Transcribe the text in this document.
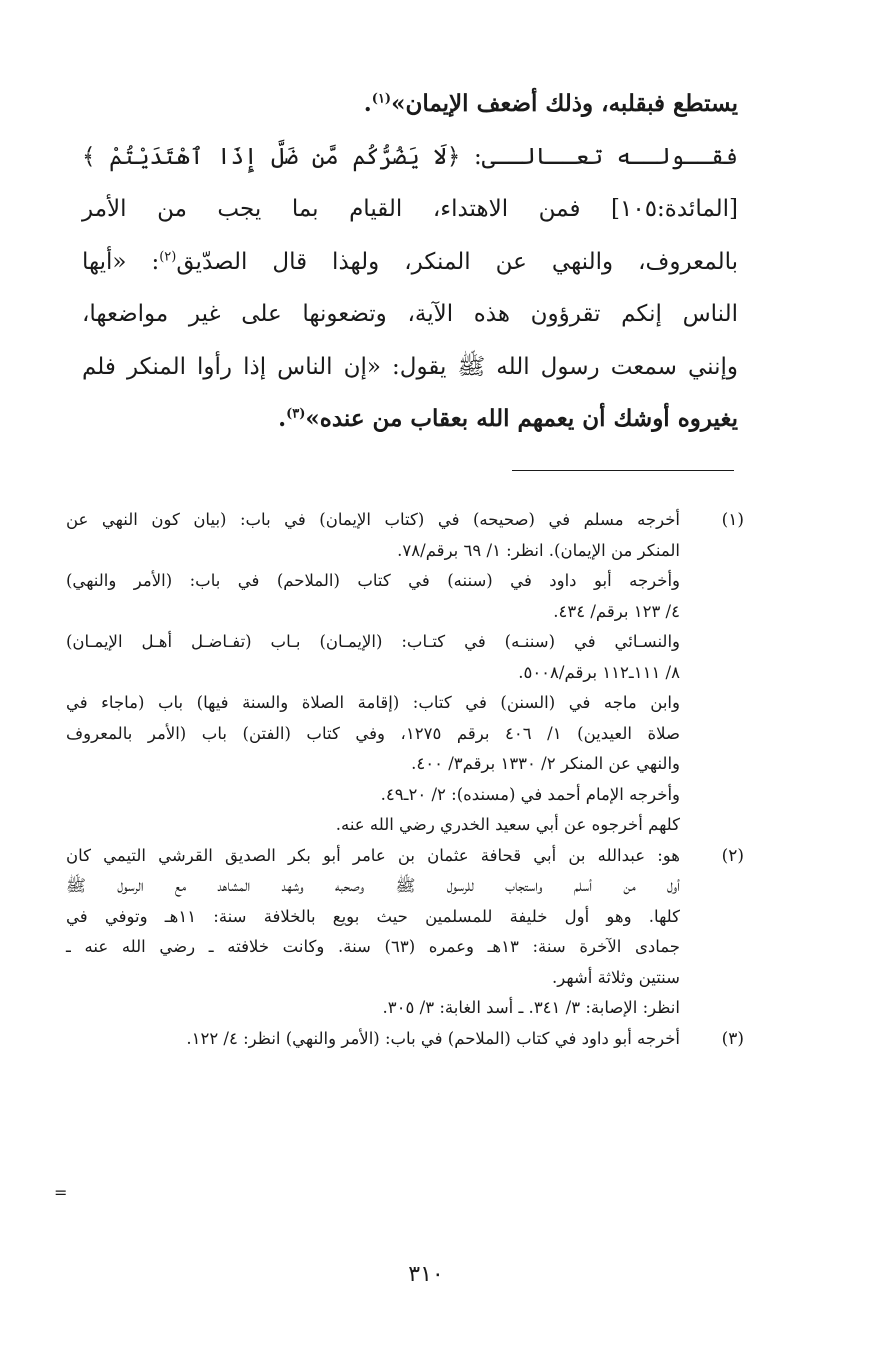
يستطع فبقلبه، وذلك أضعف الإيمان»$^{(١)}$.
فقــولــه تعــالــى: ﴿لَا يَضُرُّكُم مَّن ضَلَّ إِذَا ٱهْتَدَيْتُمْ ﴾
[المائدة:١٠٥] فمن الاهتداء، القيام بما يجب من الأمر
بالمعروف، والنهي عن المنكر، ولهذا قال الصدّيق$^{(٢)}$: «أيها
الناس إنكم تقرؤون هذه الآية، وتضعونها على غير مواضعها،
وإنني سمعت رسول الله ﷺ يقول: «إن الناس إذا رأوا المنكر فلم
يغيروه أوشك أن يعمهم الله بعقاب من عنده»$^{(٣)}$.
(١)
أخرجه مسلم في (صحيحه) في (كتاب الإيمان) في باب: (بيان كون النهي عن
المنكر من الإيمان). انظر: ١/ ٦٩ برقم/٧٨.
وأخرجه أبو داود في (سننه) في كتاب (الملاحم) في باب: (الأمر والنهي)
٤/ ١٢٣ برقم/ ٤٣٤.
والنسـائي في (سننـه) في كتـاب: (الإيمـان) بـاب (تفـاضـل أهـل الإيمـان)
٨/ ١١١ـ١١٢ برقم/٥٠٠٨.
وابن ماجه في (السنن) في كتاب: (إقامة الصلاة والسنة فيها) باب (ماجاء في
صلاة العيدين) ١/ ٤٠٦ برقم ١٢٧٥، وفي كتاب (الفتن) باب (الأمر بالمعروف
والنهي عن المنكر ٢/ ١٣٣٠ برقم٣/ ٤٠٠.
وأخرجه الإمام أحمد في (مسنده): ٢/ ٢٠ـ٤٩.
كلهم أخرجوه عن أبي سعيد الخدري رضي الله عنه.
(٢)
هو: عبدالله بن أبي قحافة عثمان بن عامر أبو بكر الصديق القرشي التيمي كان
أول من أسلم واستجاب للرسول ﷺ وصحبه وشهد المشاهد مع الرسول ﷺ
كلها. وهو أول خليفة للمسلمين حيث بويع بالخلافة سنة: ١١هـ وتوفي في
جمادى الآخرة سنة: ١٣هـ وعمره (٦٣) سنة. وكانت خلافته ـ رضي الله عنه ـ
سنتين وثلاثة أشهر.
انظر: الإصابة: ٣/ ٣٤١. ـ أسد الغابة: ٣/ ٣٠٥.
(٣)
أخرجه أبو داود في كتاب (الملاحم) في باب: (الأمر والنهي) انظر: ٤/ ١٢٢.
=
٣١٠
